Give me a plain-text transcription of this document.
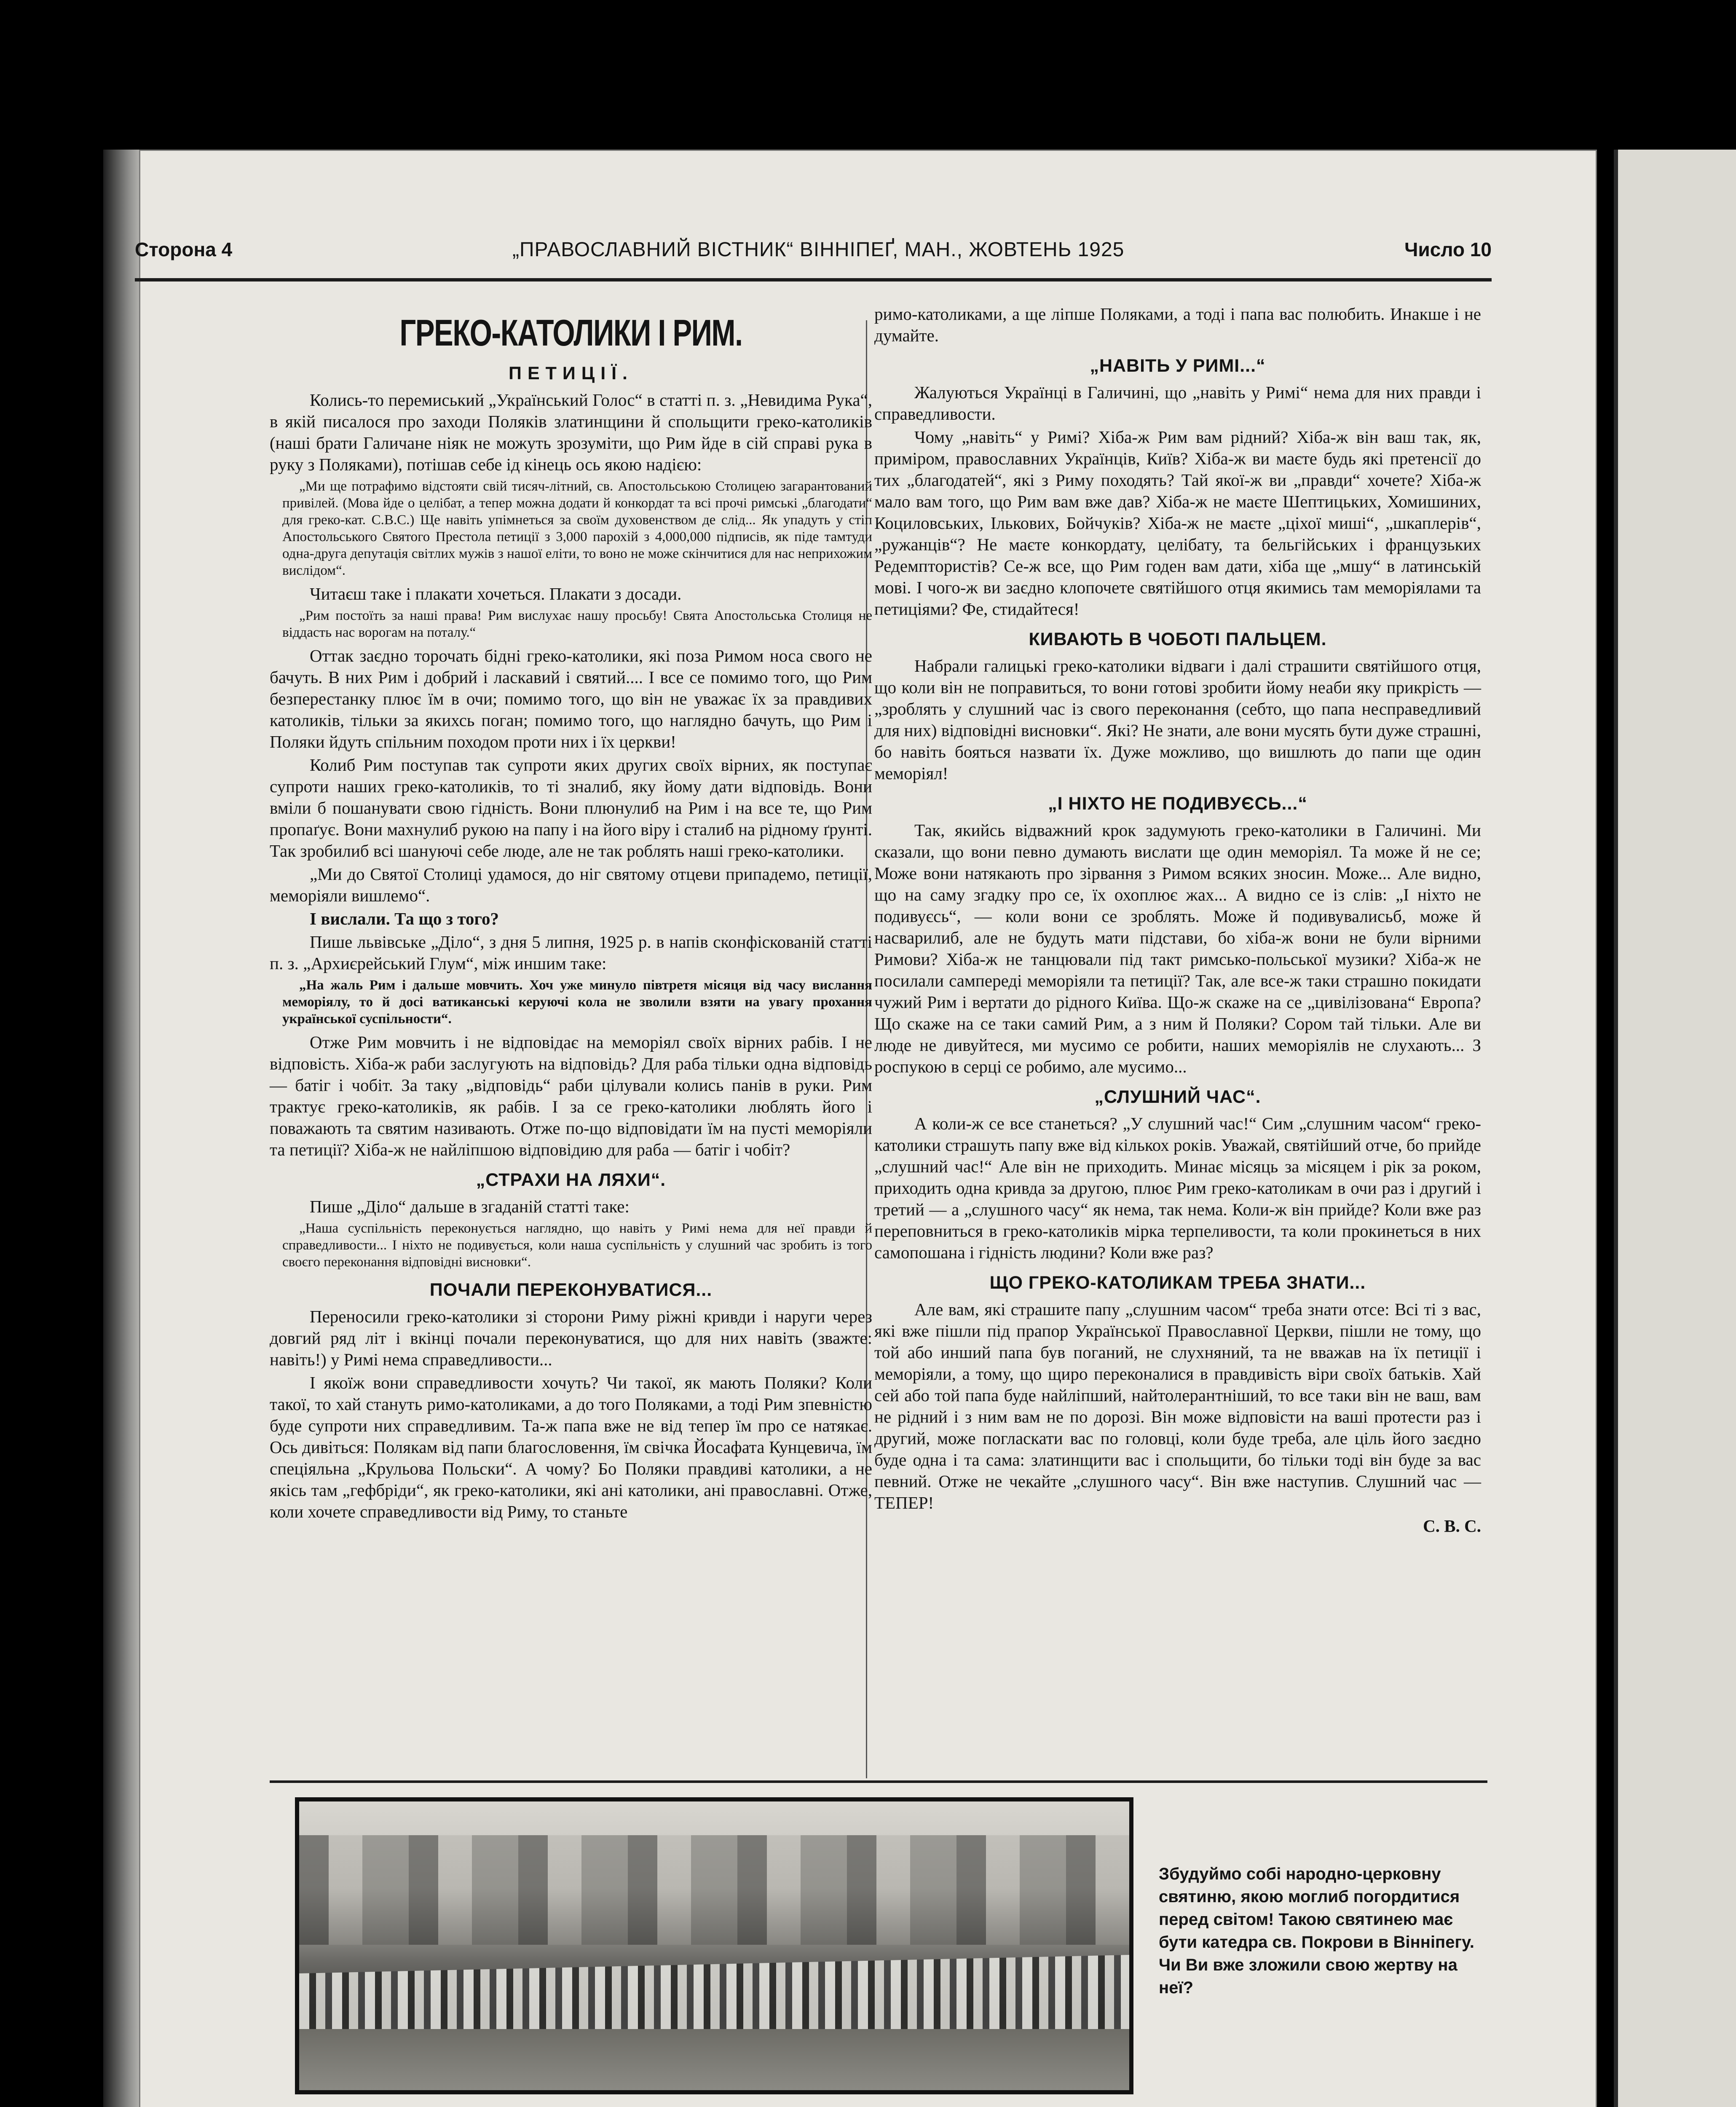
Сторона 4	„ПРАВОСЛАВНИЙ ВІСТНИК“ ВІННІПЕҐ, МАН., ЖОВТЕНЬ 1925	Число 10
ГРЕКО-КАТОЛИКИ І РИМ.
ПЕТИЦІЇ.
Колись-то перемиський „Український Голос“ в статті п. з. „Невидима Рука“, в якій писалося про заходи Поляків златинщини й спольщити греко-католиків (наші брати Галичане ніяк не можуть зрозуміти, що Рим йде в сій справі рука в руку з Поляками), потішав себе ід кінець ось якою надією:
„Ми ще потрафимо відстояти свій тисяч-літний, св. Апостольською Столицею загарантований привілей. (Мова йде о целібат, а тепер можна додати й конкордат та всі прочі римські „благодати“ для греко-кат. С.В.С.) Ще навіть упімнеться за своїм духовенством де слід... Як упадуть у стіп Апостольського Святого Престола петиції з 3,000 парохій з 4,000,000 підписів, як піде тамтуди одна-друга депутація світлих мужів з нашої еліти, то воно не може скінчитися для нас неприхожим вислідом“.
Читаєш таке і плакати хочеться. Плакати з досади.
„Рим постоїть за наші права! Рим вислухає нашу просьбу! Свята Апостольська Столиця не віддасть нас ворогам на поталу.“
Оттак заєдно торочать бідні греко-католики, які поза Римом носа свого не бачуть. В них Рим і добрий і ласкавий і святий.... І все се помимо того, що Рим безперестанку плює їм в очи; помимо того, що він не уважає їх за правдивих католиків, тільки за якихсь поган; помимо того, що наглядно бачуть, що Рим і Поляки йдуть спільним походом проти них і їх церкви!
Колиб Рим поступав так супроти яких других своїх вірних, як поступає супроти наших греко-католиків, то ті зналиб, яку йому дати відповідь. Вони вміли б пошанувати свою гідність. Вони плюнулиб на Рим і на все те, що Рим пропаґує. Вони махнулиб рукою на папу і на його віру і сталиб на рідному ґрунті. Так зробилиб всі шануючі себе люде, але не так роблять наші греко-католики.
„Ми до Святої Столиці удамося, до ніг святому отцеви припадемо, петиції, меморіяли вишлемо“.
І вислали. Та що з того?
Пише львівське „Діло“, з дня 5 липня, 1925 р. в напів сконфіскованій статті п. з. „Архиєрейський Глум“, між иншим таке:
„На жаль Рим і дальше мовчить. Хоч уже минуло півтретя місяця від часу вислання меморіялу, то й досі ватиканські керуючі кола не зволили взяти на увагу прохання української суспільности“.
Отже Рим мовчить і не відповідає на меморіял своїх вірних рабів. І не відповість. Хіба-ж раби заслугують на відповідь? Для раба тільки одна відповідь — батіг і чобіт. За таку „відповідь“ раби цілували колись панів в руки. Рим трактує греко-католиків, як рабів. І за се греко-католики люблять його і поважають та святим називають. Отже по-що відповідати їм на пусті меморіяли та петиції? Хіба-ж не найліпшою відповідию для раба — батіг і чобіт?
„СТРАХИ НА ЛЯХИ“.
Пише „Діло“ дальше в згаданій статті таке:
„Наша суспільність переконується наглядно, що навіть у Римі нема для неї правди й справедливости... І ніхто не подивується, коли наша суспільність у слушний час зробить із того своєго переконання відповідні висновки“.
ПОЧАЛИ ПЕРЕКОНУВАТИСЯ...
Переносили греко-католики зі сторони Риму ріжні кривди і наруги через довгий ряд літ і вкінці почали переконуватися, що для них навіть (зважте: навіть!) у Римі нема справедливости...
І якоїж вони справедливости хочуть? Чи такої, як мають Поляки? Коли такої, то хай стануть римо-католиками, а до того Поляками, а тоді Рим зпевністю буде супроти них справедливим. Та-ж папа вже не від тепер їм про се натякає. Ось дивіться: Полякам від папи благословення, їм свічка Йосафата Кунцевича, їм спеціяльна „Крульова Польски“. А чому? Бо Поляки правдиві католики, а не якісь там „гефбріди“, як греко-католики, які ані католики, ані православні. Отже, коли хочете справедливости від Риму, то станьте
римо-католиками, а ще ліпше Поляками, а тоді і папа вас полюбить. Инакше і не думайте.
„НАВІТЬ У РИМІ...“
Жалуються Українці в Галичині, що „навіть у Римі“ нема для них правди і справедливости.
Чому „навіть“ у Римі? Хіба-ж Рим вам рідний? Хіба-ж він ваш так, як, приміром, православних Українців, Київ? Хіба-ж ви маєте будь які претенсії до тих „благодатей“, які з Риму походять? Тай якої-ж ви „правди“ хочете? Хіба-ж мало вам того, що Рим вам вже дав? Хіба-ж не маєте Шептицьких, Хомишиних, Коциловських, Ількових, Бойчуків? Хіба-ж не маєте „ціхої миші“, „шкаплерів“, „ружанців“? Не маєте конкордату, целібату, та бельгійських і французьких Редемптористів? Се-ж все, що Рим годен вам дати, хіба ще „мшу“ в латинській мові. І чого-ж ви заєдно клопочете святійшого отця якимись там меморіялами та петиціями? Фе, стидайтеся!
КИВАЮТЬ В ЧОБОТІ ПАЛЬЦЕМ.
Набрали галицькі греко-католики відваги і далі страшити святійшого отця, що коли він не поправиться, то вони готові зробити йому неаби яку прикрість — „зроблять у слушний час із свого переконання (себто, що папа несправедливий для них) відповідні висновки“. Які? Не знати, але вони мусять бути дуже страшні, бо навіть бояться назвати їх. Дуже можливо, що вишлють до папи ще один меморіял!
„І НІХТО НЕ ПОДИВУЄСЬ...“
Так, якийсь відважний крок задумують греко-католики в Галичині. Ми сказали, що вони певно думають вислати ще один меморіял. Та може й не се; Може вони натякають про зірвання з Римом всяких зносин. Може... Але видно, що на саму згадку про се, їх охоплює жах... А видно се із слів: „І ніхто не подивуєсь“, — коли вони се зроблять. Може й подивувалисьб, може й насварилиб, але не будуть мати підстави, бо хіба-ж вони не були вірними Римови? Хіба-ж не танцювали під такт римсько-польської музики? Хіба-ж не посилали сампереді меморіяли та петиції? Так, але все-ж таки страшно покидати чужий Рим і вертати до рідного Київа. Що-ж скаже на се „цивілізована“ Европа? Що скаже на се таки самий Рим, а з ним й Поляки? Сором тай тільки. Але ви люде не дивуйтеся, ми мусимо се робити, наших меморіялів не слухають... З роспукою в серці се робимо, але мусимо...
„СЛУШНИЙ ЧАС“.
А коли-ж се все станеться? „У слушний час!“ Сим „слушним часом“ греко-католики страшуть папу вже від кількох років. Уважай, святійший отче, бо прийде „слушний час!“ Але він не приходить. Минає місяць за місяцем і рік за роком, приходить одна кривда за другою, плює Рим греко-католикам в очи раз і другий і третий — а „слушного часу“ як нема, так нема. Коли-ж він прийде? Коли вже раз переповниться в греко-католиків мірка терпеливости, та коли прокинеться в них самопошана і гідність людини? Коли вже раз?
ЩО ГРЕКО-КАТОЛИКАМ ТРЕБА ЗНАТИ...
Але вам, які страшите папу „слушним часом“ треба знати отсе: Всі ті з вас, які вже пішли під прапор Української Православної Церкви, пішли не тому, що той або инший папа був поганий, не слухняний, та не вважав на їх петиції і меморіяли, а тому, що щиро переконалися в правдивість віри своїх батьків. Хай сей або той папа буде найліпший, найтолерантніший, то все таки він не ваш, вам не рідний і з ним вам не по дорозі. Він може відповісти на ваші протести раз і другий, може погласкати вас по головці, коли буде треба, але ціль його заєдно буде одна і та сама: златинщити вас і спольщити, бо тільки тоді він буде за вас певний. Отже не чекайте „слушного часу“. Він вже наступив. Слушний час — ТЕПЕР!
С. В. С.
Збудуймо собі народно-церковну святиню, якою моглиб погордитися перед світом! Такою святинею має бути катедра св. Покрови в Вінніпегу. Чи Ви вже зложили свою жертву на неї?
